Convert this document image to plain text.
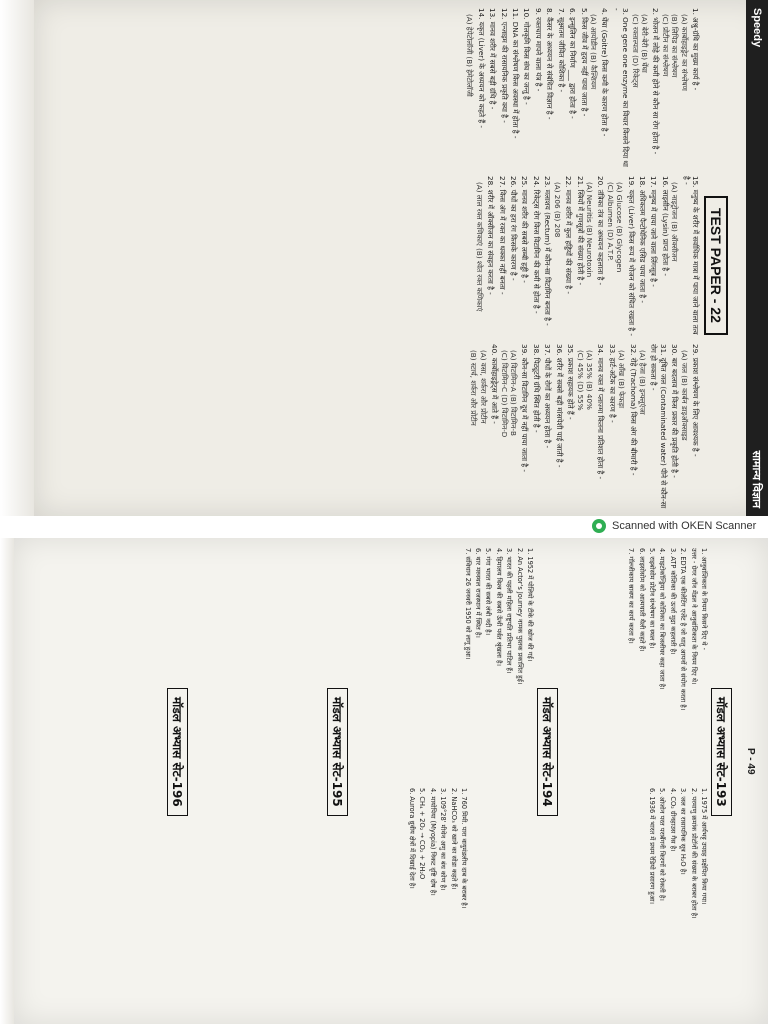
Speedy
सामान्य विज्ञान
TEST PAPER - 22
1. अश्रु-ग्रंथि का मुख्य कार्य है -
(A) कार्बोहाइड्रेट का संश्लेषण
(B) लिपिड का संश्लेषण
(C) प्रोटीन का संश्लेषण
2. भोजन में लोहे की कमी होने से कौन सा रोग होता है -
(A) बेरी-बेरी (B) घेंघा
(C) रक्ताल्पता (D) रिकेट्स
3. One gene one enzyme का विचार किसने दिया था -
4. घेंघा (Goitre) किस कमी के कारण होता है -
(A) आयोडीन (B) कैल्शियम
5. किस जीव में हृदय नहीं पाया जाता है -
6. इन्सुलिन का निर्माण ___ द्वारा होता है -
7. सूक्ष्मतम जीवित कोशिका है -
8. कैंसर के अध्ययन से संबंधित विज्ञान है -
9. रक्तचाप मापने वाला यंत्र है -
10. गोलकृमि किस संघ का जन्तु है -
11. DNA का संश्लेषण किस अवस्था में होता है -
12. एन्जाइम की रासायनिक प्रकृति क्या है -
13. मानव शरीर में सबसे बड़ी ग्रंथि है -
14. यकृत (Liver) के अध्ययन को कहते हैं -
(A) हेपेटोलॉजी (B) हेमेटोलॉजी
15. मनुष्य के शरीर में सर्वाधिक मात्रा में पाया जाने वाला तत्व है -
(A) नाइट्रोजन (B) ऑक्सीजन
16. लाइसीन (Lysin) प्राप्त होता है -
17. मनुष्य में पाया जाने वाला लिंगसूत्र है -
18. अधिकतम पैन्टोथेनिक एसिड पाया जाता है -
19. यकृत (Liver) किस रूप में भोजन को संचित रखता है -
(A) Glucose (B) Glycogen
(C) Albumen (D) A.T.P.
20. तंत्रिका तंत्र का अध्ययन कहलाता है -
(A) Neuritis (B) Neurotoxin
21. स्त्रियों में गुणसूत्रों की संख्या होती है -
22. मानव शरीर में कुल हड्डियों की संख्या है -
(A) 206 (B) 208
23. मलाशय (Rectum) में कौन-सा विटामिन बनता है -
24. रिकेट्स रोग किस विटामिन की कमी से होता है -
25. मानव शरीर की सबसे लम्बी हड्डी है -
26. पौधों का हरा रंग किसके कारण है -
27. किस अंग में रक्त का थक्का नहीं बनता -
28. शरीर में ऑक्सीजन का संवहन करता है -
(A) लाल रक्त कणिकाएं (B) श्वेत रक्त कणिकाएं
29. प्रकाश संश्लेषण के लिए आवश्यक है -
(A) जल (B) कार्बन डाइऑक्साइड
30. बार बदलाव में किस प्रकार की प्रकृति होती है -
31. दूषित जल (Contaminated water) पीने से कौन-सा रोग हो सकता है -
(A) हैजा (B) इन्फ्लूएंजा
32. रोहे (Trachoma) किस अंग की बीमारी है -
(A) आँख (B) फेफड़ा
33. हार्ट-अटैक का कारण है -
34. मानव रक्त में प्लाज्मा कितना प्रतिशत होता है -
(A) 35% (B) 40%
(C) 45% (D) 55%
35. प्रकाश सहायक होते हैं -
36. शरीर में सबसे बड़ी मांसपेशी पाई जाती है -
37. पौधों के रोगों का अध्ययन होता है -
38. पिट्यूटरी ग्रंथि स्थित होती है -
39. कौन-सा विटामिन दूध में नहीं पाया जाता है -
(A) विटामिन-A (B) विटामिन-B
(C) विटामिन-C (D) विटामिन-D
40. कार्बोहाइड्रेट्स में आते हैं -
(A) वसा, शर्करा और प्रोटीन
(B) स्टार्च, शर्करा और प्रोटीन
Scanned with OKEN Scanner
P - 49
मॉडल अभ्यास सेट-193

1. आनुवांशिकता के नियम किसने दिए थे -

उत्तर - ग्रेगर जॉन मेंडल ने आनुवांशिकता के नियम दिए थे।

2. EDTA एक कीलेटिंग एजेंट है जो धातु आयनों से संयोग करता है।

3. ATP कोशिका की ऊर्जा मुद्रा कहलाती है।

4. माइटोकॉन्ड्रिया को कोशिका का बिजलीघर कहा जाता है।

5. राइबोसोम प्रोटीन संश्लेषण का स्थल है।

6. लाइसोसोम को आत्मघाती थैली कहते हैं।

7. गॉल्जीकाय स्रावण का कार्य करता है।

मॉडल अभ्यास सेट-194

1. 1952 में पोलियो के टीके की खोज की गई।

2. An Actor's Journey नामक पुस्तक प्रकाशित हुई।

3. भारत की पहली महिला राष्ट्रपति प्रतिभा पाटिल हैं।

4. हिमालय विश्व की सबसे ऊँची पर्वत श्रृंखला है।

5. गंगा भारत की सबसे लंबी नदी है।

6. थार मरुस्थल राजस्थान में स्थित है।

7. संविधान 26 जनवरी 1950 को लागू हुआ।

मॉडल अभ्यास सेट-195

1. 1975 में आर्यभट्ट उपग्रह प्रक्षेपित किया गया।

2. परमाणु क्रमांक प्रोटॉनों की संख्या के बराबर होता है।

3. जल का रासायनिक सूत्र H₂O है।

4. CO₂ ग्रीनहाउस गैस है।

5. ओजोन परत पराबैंगनी किरणों को रोकती है।

6. 1936 में भारत में प्रथम रेडियो प्रसारण हुआ।

मॉडल अभ्यास सेट-196

1. 760 मिमी. पारा वायुमंडलीय दाब के बराबर है।

2. NaHCO₃ को खाने का सोडा कहते हैं।

3. 109°28' मीथेन अणु का बंध कोण है।

4. मायोपिया (Myopia) निकट दृष्टि दोष है।

5. CH₄ + 2O₂ → CO₂ + 2H₂O

6. Aurora ध्रुवीय क्षेत्रों में दिखाई देता है।
